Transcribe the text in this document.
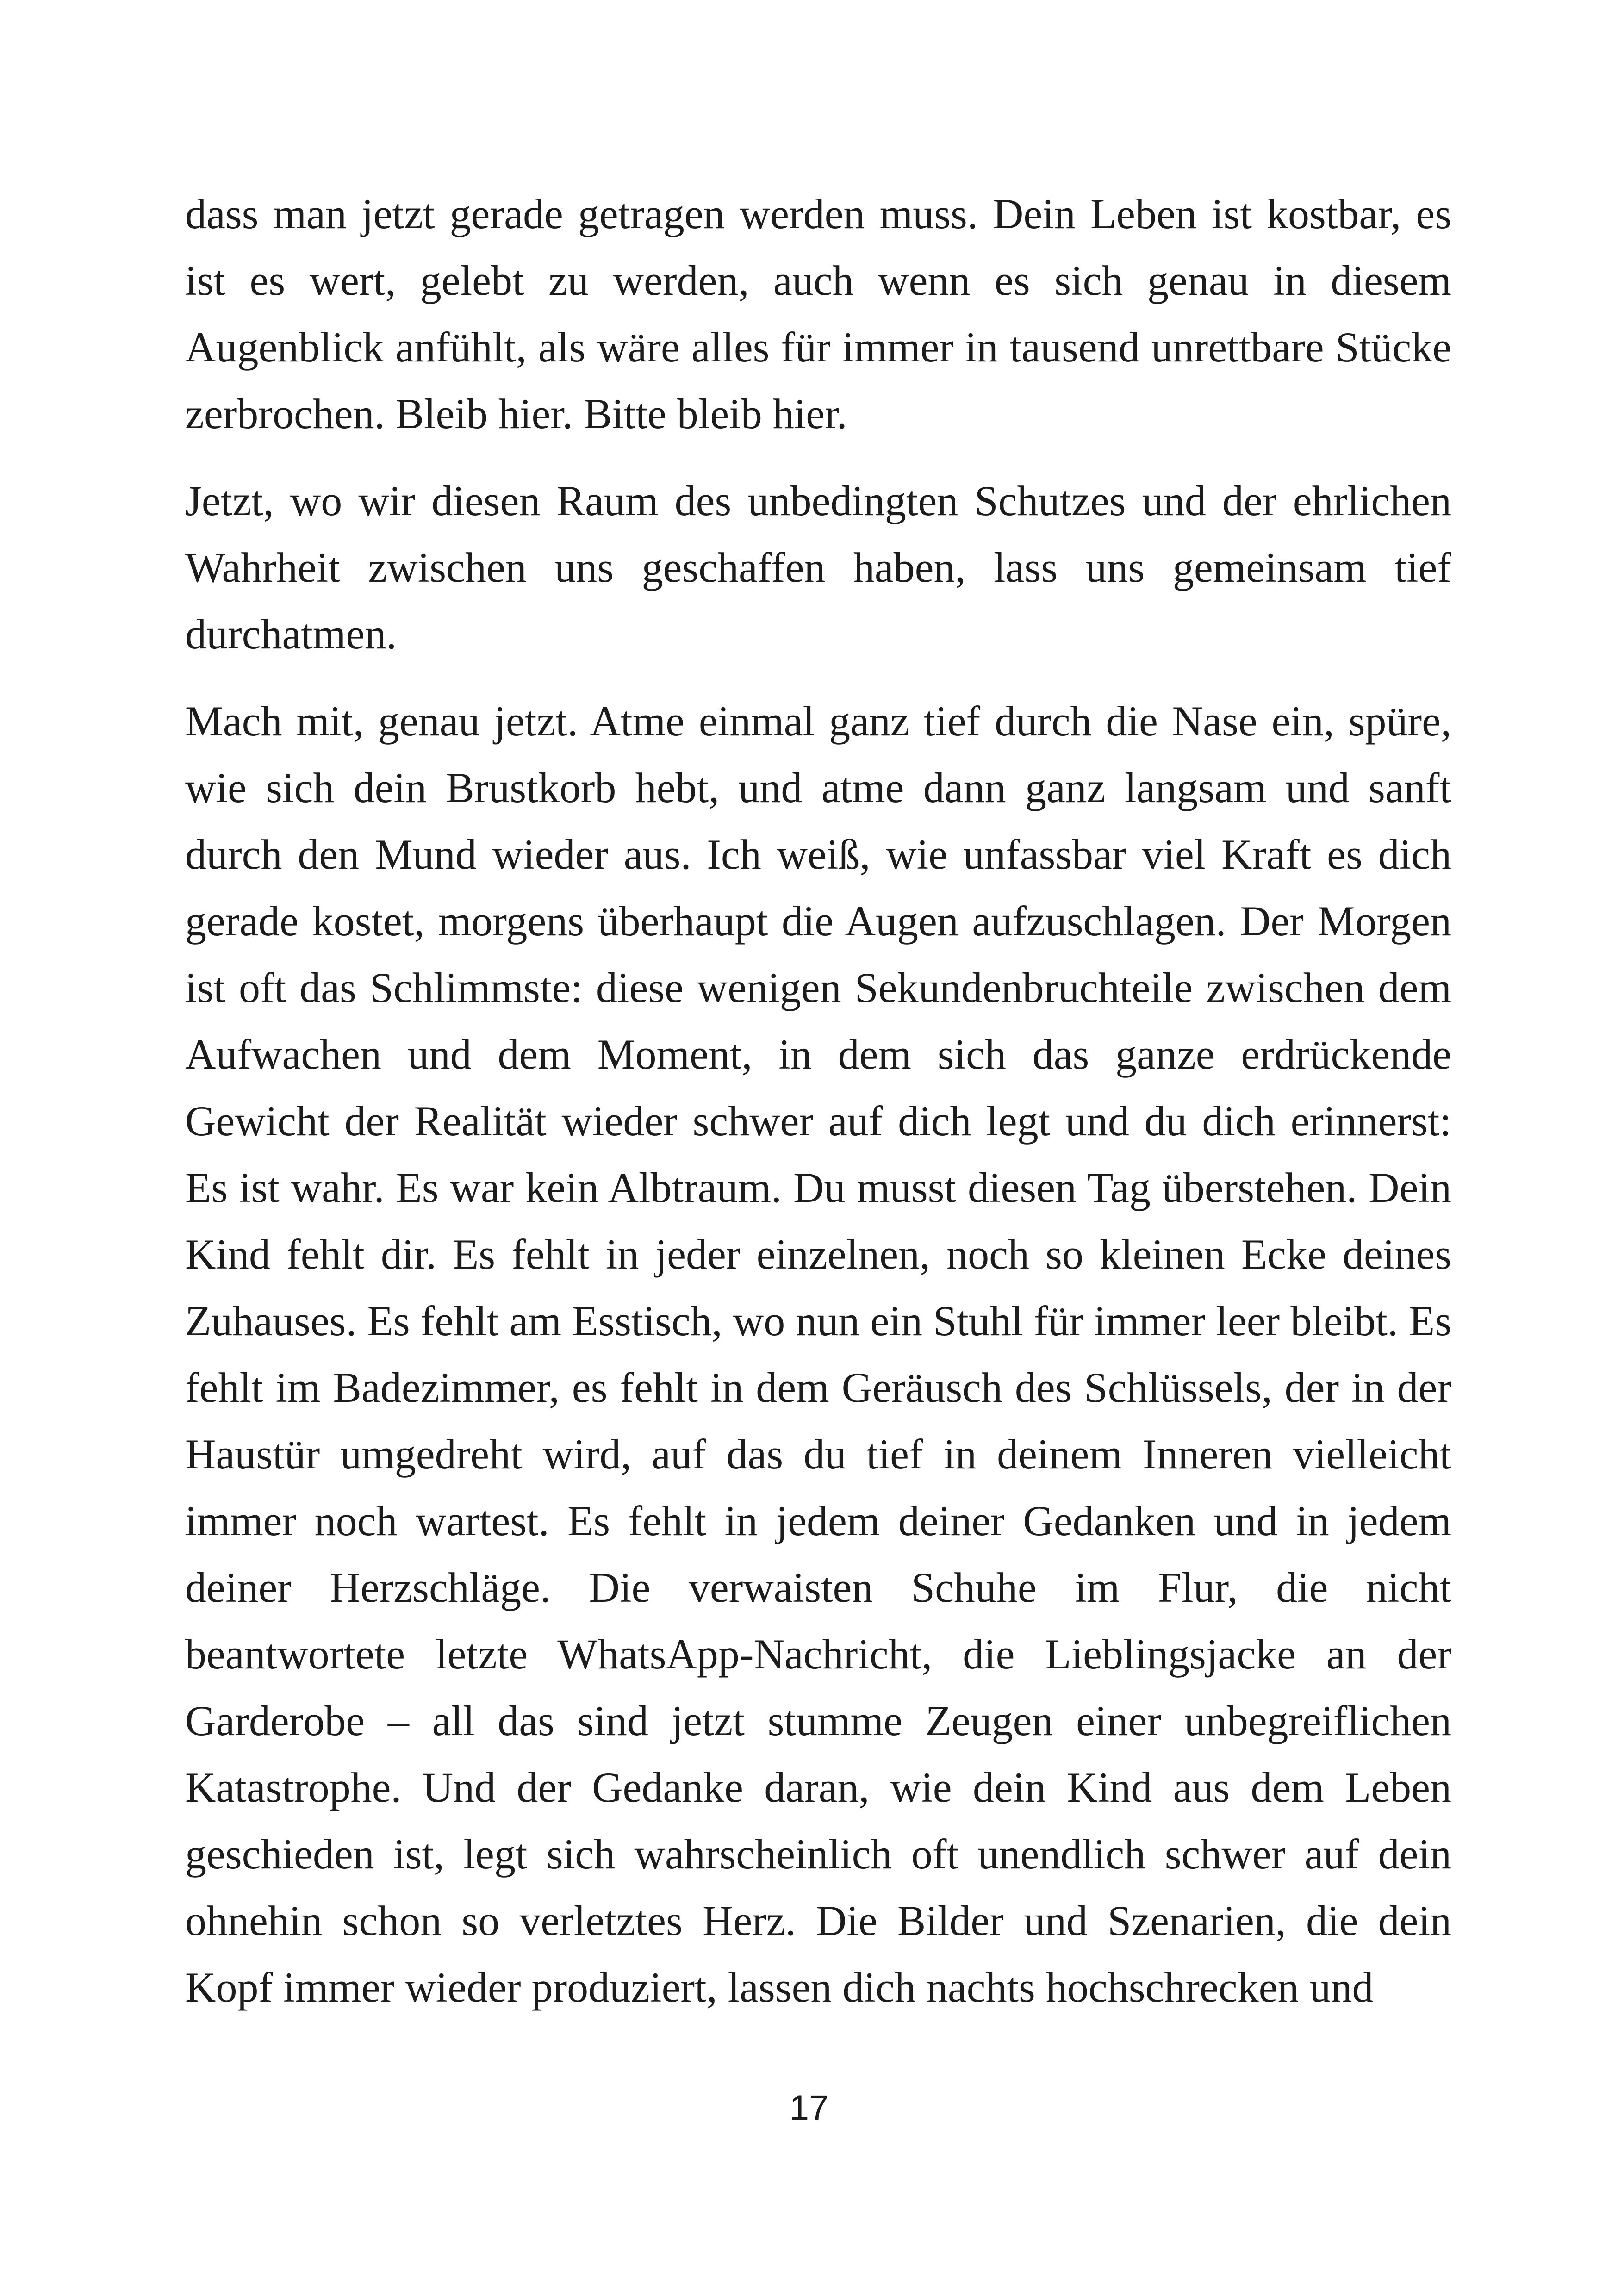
dass man jetzt gerade getragen werden muss. Dein Leben ist kostbar, es ist es wert, gelebt zu werden, auch wenn es sich genau in diesem Augenblick anfühlt, als wäre alles für immer in tausend unrettbare Stücke zerbrochen. Bleib hier. Bitte bleib hier.

Jetzt, wo wir diesen Raum des unbedingten Schutzes und der ehrlichen Wahrheit zwischen uns geschaffen haben, lass uns gemeinsam tief durchatmen.

Mach mit, genau jetzt. Atme einmal ganz tief durch die Nase ein, spüre, wie sich dein Brustkorb hebt, und atme dann ganz langsam und sanft durch den Mund wieder aus. Ich weiß, wie unfassbar viel Kraft es dich gerade kostet, morgens überhaupt die Augen aufzuschlagen. Der Morgen ist oft das Schlimmste: diese wenigen Sekundenbruchteile zwischen dem Aufwachen und dem Moment, in dem sich das ganze erdrückende Gewicht der Realität wieder schwer auf dich legt und du dich erinnerst: Es ist wahr. Es war kein Albtraum. Du musst diesen Tag überstehen. Dein Kind fehlt dir. Es fehlt in jeder einzelnen, noch so kleinen Ecke deines Zuhauses. Es fehlt am Esstisch, wo nun ein Stuhl für immer leer bleibt. Es fehlt im Badezimmer, es fehlt in dem Geräusch des Schlüssels, der in der Haustür umgedreht wird, auf das du tief in deinem Inneren vielleicht immer noch wartest. Es fehlt in jedem deiner Gedanken und in jedem deiner Herzschläge. Die verwaisten Schuhe im Flur, die nicht beantwortete letzte WhatsApp-Nachricht, die Lieblingsjacke an der Garderobe – all das sind jetzt stumme Zeugen einer unbegreiflichen Katastrophe. Und der Gedanke daran, wie dein Kind aus dem Leben geschieden ist, legt sich wahrscheinlich oft unendlich schwer auf dein ohnehin schon so verletztes Herz. Die Bilder und Szenarien, die dein Kopf immer wieder produziert, lassen dich nachts hochschrecken und

17
